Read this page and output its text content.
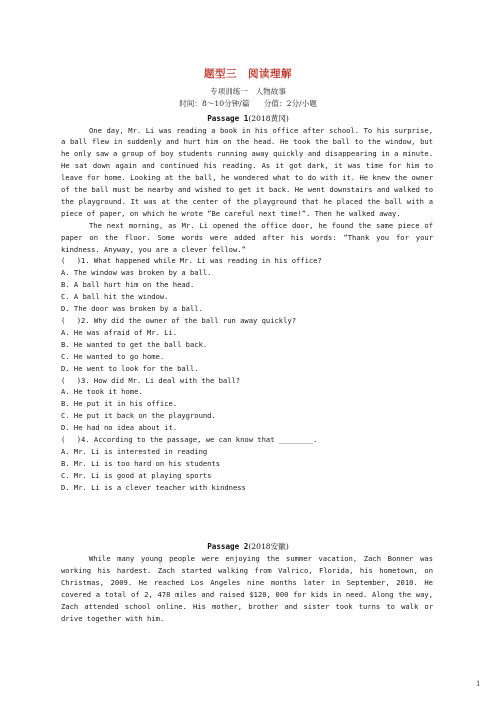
题型三　阅读理解
专项训练一　人物故事
时间：8～10分钟/篇 分值：2分/小题
Passage 1(2018黄冈)

One day, Mr. Li was reading a book in his office after school. To his surprise, a ball flew in suddenly and hurt him on the head. He took the ball to the window, but he only saw a group of boy students running away quickly and disappearing in a minute. He sat down again and continued his reading. As it got dark, it was time for him to leave for home. Looking at the ball, he wondered what to do with it. He knew the owner of the ball must be nearby and wished to get it back. He went downstairs and walked to the playground. It was at the center of the playground that he placed the ball with a piece of paper, on which he wrote “Be careful next time!”. Then he walked away.

The next morning, as Mr. Li opened the office door, he found the same piece of paper on the floor. Some words were added after his words: “Thank you for your kindness. Anyway, you are a clever fellow.”

(　 )1. What happened while Mr. Li was reading in his office?

A. The window was broken by a ball.

B. A ball hurt him on the head.

C. A ball hit the window.

D. The door was broken by a ball.

(　 )2. Why did the owner of the ball run away quickly?

A. He was afraid of Mr. Li.

B. He wanted to get the ball back.

C. He wanted to go home.

D. He went to look for the ball.

(　 )3. How did Mr. Li deal with the ball?

A. He took it home.

B. He put it in his office.

C. He put it back on the playground.

D. He had no idea about it.

(　 )4. According to the passage, we can know that ________.

A. Mr. Li is interested in reading

B. Mr. Li is too hard on his students

C. Mr. Li is good at playing sports

D. Mr. Li is a clever teacher with kindness

Passage 2(2018安徽)

While many young people were enjoying the summer vacation, Zach Bonner was working his hardest. Zach started walking from Valrico, Florida, his hometown, on Christmas, 2009. He reached Los Angeles nine months later in September, 2010. He covered a total of 2, 478 miles and raised $120, 000 for kids in need. Along the way, Zach attended school online. His mother, brother and sister took turns to walk or drive together with him.

1
